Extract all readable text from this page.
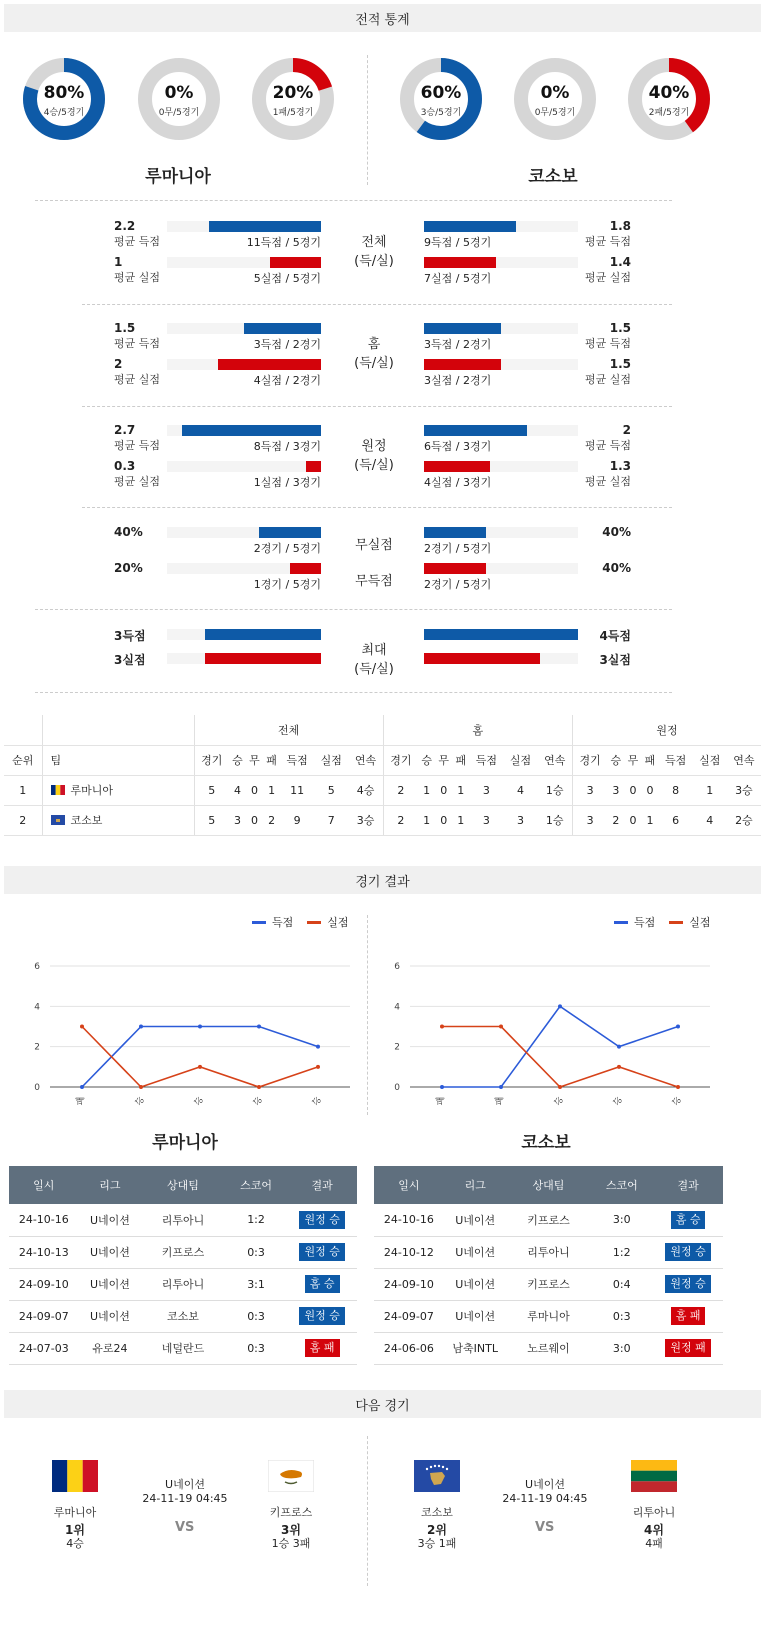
전적 통계
80%
4승/5경기
0%
0무/5경기
20%
1패/5경기
60%
3승/5경기
0%
0무/5경기
40%
2패/5경기
루마니아	코소보
전체
(득/실)
2.2
평균 득점	11득점 / 5경기
1.8
평균 득점
9득점 / 5경기
1
평균 실점	5실점 / 5경기
1.4
평균 실점
7실점 / 5경기
홈
(득/실)
1.5
평균 득점	3득점 / 2경기
1.5
평균 득점
3득점 / 2경기
2
평균 실점	4실점 / 2경기
1.5
평균 실점
3실점 / 2경기
원정
(득/실)
2.7
평균 득점	8득점 / 3경기
2
평균 득점
6득점 / 3경기
0.3
평균 실점	1실점 / 3경기
1.3
평균 실점
4실점 / 3경기
무실점
무득점
40%
2경기 / 5경기
40%
2경기 / 5경기
20%
1경기 / 5경기
40%
2경기 / 5경기
최대
(득/실)
3득점	4득점
3실점	3실점
		전체							홈							원정						
순위	팀	경기	승	무	패	득점	실점	연속	경기	승	무	패	득점	실점	연속	경기	승	무	패	득점	실점	연속
1	루마니아	5	4	0	1	11	5	4승	2	1	0	1	3	4	1승	3	3	0	0	8	1	3승
2	코소보	5	3	0	2	9	7	3승	2	1	0	1	3	3	1승	3	2	0	1	6	4	2승
경기 결과
득점	실점	득점	실점
0
2
4
6
패	승	승	승	승
0
2
4
6
패	패	승	승	승
루마니아	코소보
일시	리그	상대팀	스코어	결과
24-10-16	U네이션	리투아니	1:2	원정 승
24-10-13	U네이션	키프로스	0:3	원정 승
24-09-10	U네이션	리투아니	3:1	홈 승
24-09-07	U네이션	코소보	0:3	원정 승
24-07-03	유로24	네덜란드	0:3	홈 패
일시	리그	상대팀	스코어	결과
24-10-16	U네이션	키프로스	3:0	홈 승
24-10-12	U네이션	리투아니	1:2	원정 승
24-09-10	U네이션	키프로스	0:4	원정 승
24-09-07	U네이션	루마니아	0:3	홈 패
24-06-06	남축INTL	노르웨이	3:0	원정 패
다음 경기
루마니아
1위
4승
U네이션
24-11-19 04:45
VS
키프로스
3위
1승 3패
코소보
2위
3승 1패
U네이션
24-11-19 04:45
VS
리투아니
4위
4패
